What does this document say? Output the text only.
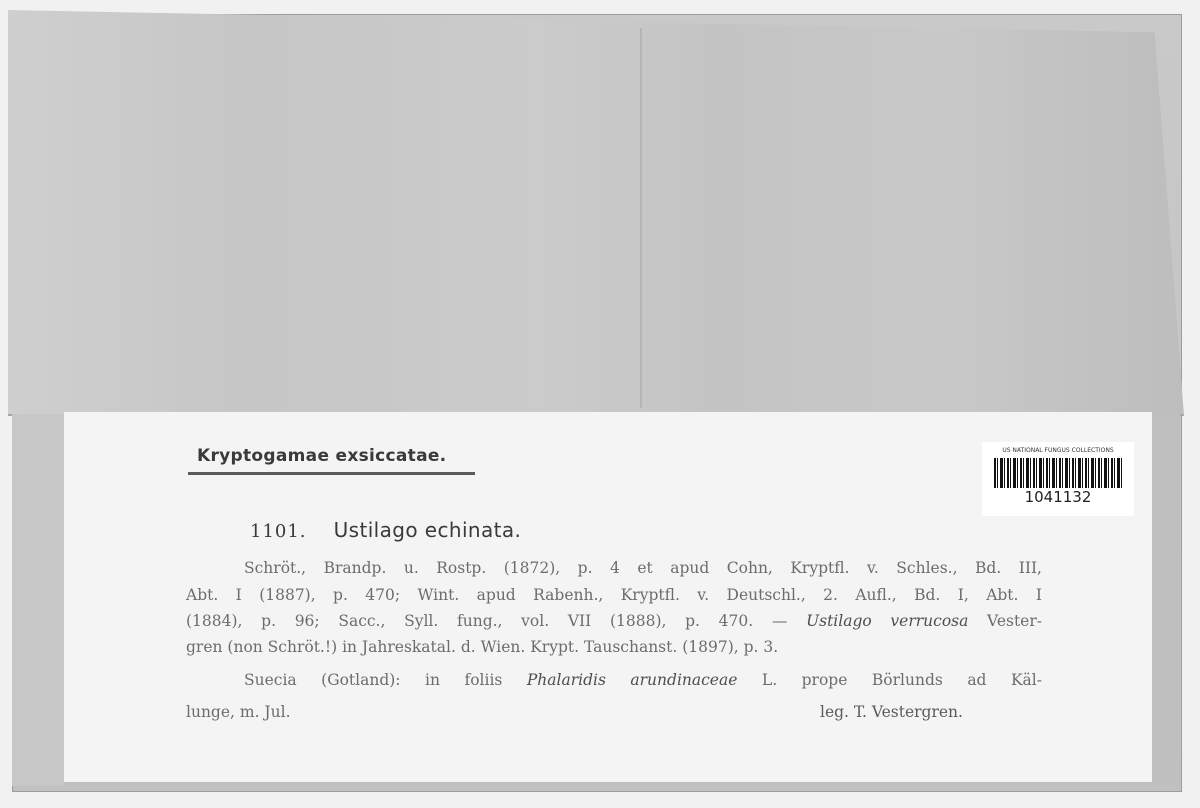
Kryptogamae exsiccatae.	US NATIONAL FUNGUS COLLECTIONS
1041132
1101. Ustilago echinata.

Schröt., Brandp. u. Rostp. (1872), p. 4 et apud Cohn, Kryptfl. v. Schles., Bd. III,

Abt. I (1887), p. 470; Wint. apud Rabenh., Kryptfl. v. Deutschl., 2. Aufl., Bd. I, Abt. I

(1884), p. 96; Sacc., Syll. fung., vol. VII (1888), p. 470. — Ustilago verrucosa Vester-

gren (non Schröt.!) in Jahreskatal. d. Wien. Krypt. Tauschanst. (1897), p. 3.

Suecia (Gotland): in foliis Phalaridis arundinaceae L. prope Börlunds ad Käl-

lunge, m. Jul.	leg. T. Vestergren.
